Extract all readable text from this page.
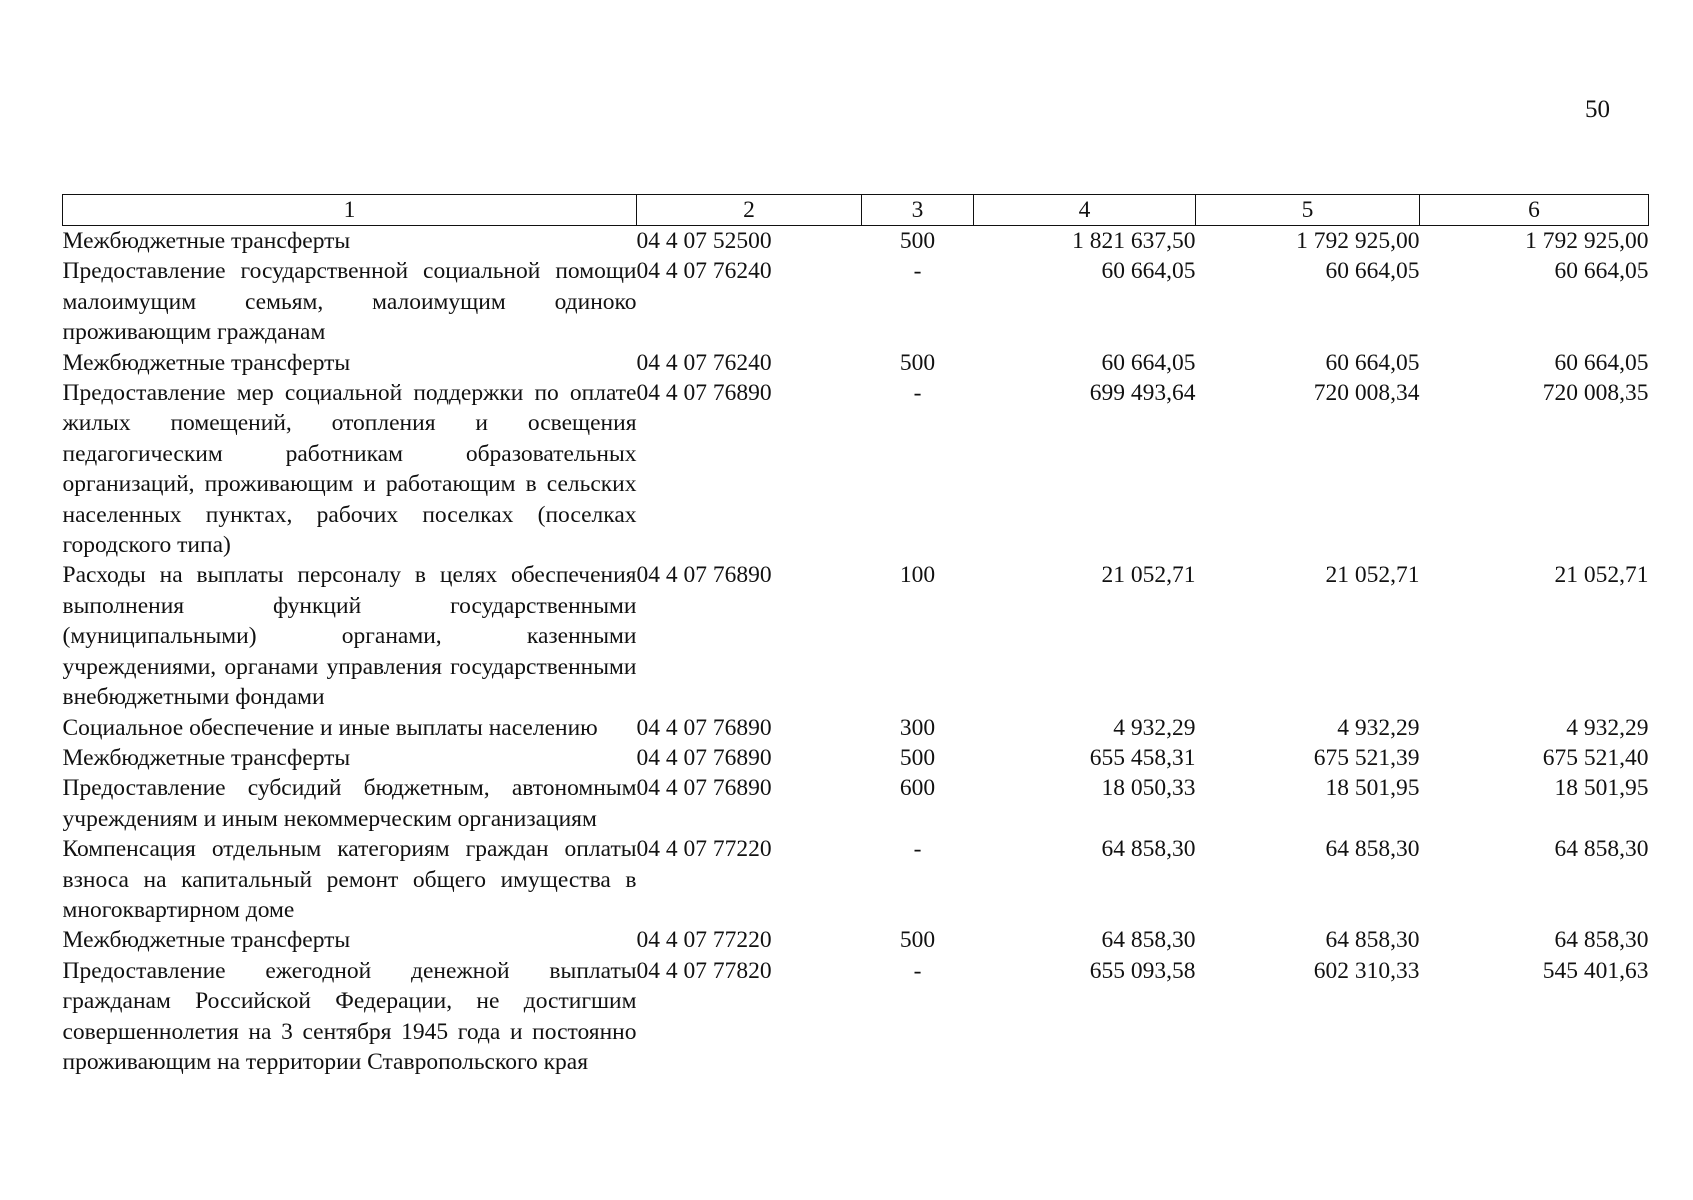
50
1	2	3	4	5	6
Межбюджетные трансферты	04 4 07 52500	500	1 821 637,50	1 792 925,00	1 792 925,00
Предоставление государственной социальной помощи малоимущим семьям, малоимущим одиноко проживающим гражданам	04 4 07 76240	-	60 664,05	60 664,05	60 664,05
Межбюджетные трансферты	04 4 07 76240	500	60 664,05	60 664,05	60 664,05
Предоставление мер социальной поддержки по оплате жилых помещений, отопления и освещения педагогическим работникам образовательных организаций, проживающим и работающим в сельских населенных пунктах, рабочих поселках (поселках городского типа)	04 4 07 76890	-	699 493,64	720 008,34	720 008,35
Расходы на выплаты персоналу в целях обеспечения выполнения функций государственными (муниципальными) органами, казенными учреждениями, органами управления государственными внебюджетными фондами	04 4 07 76890	100	21 052,71	21 052,71	21 052,71
Социальное обеспечение и иные выплаты населению	04 4 07 76890	300	4 932,29	4 932,29	4 932,29
Межбюджетные трансферты	04 4 07 76890	500	655 458,31	675 521,39	675 521,40
Предоставление субсидий бюджетным, автономным учреждениям и иным некоммерческим организациям	04 4 07 76890	600	18 050,33	18 501,95	18 501,95
Компенсация отдельным категориям граждан оплаты взноса на капитальный ремонт общего имущества в многоквартирном доме	04 4 07 77220	-	64 858,30	64 858,30	64 858,30
Межбюджетные трансферты	04 4 07 77220	500	64 858,30	64 858,30	64 858,30
Предоставление ежегодной денежной выплаты гражданам Российской Федерации, не достигшим совершеннолетия на 3 сентября 1945 года и постоянно проживающим на территории Ставропольского края	04 4 07 77820	-	655 093,58	602 310,33	545 401,63
